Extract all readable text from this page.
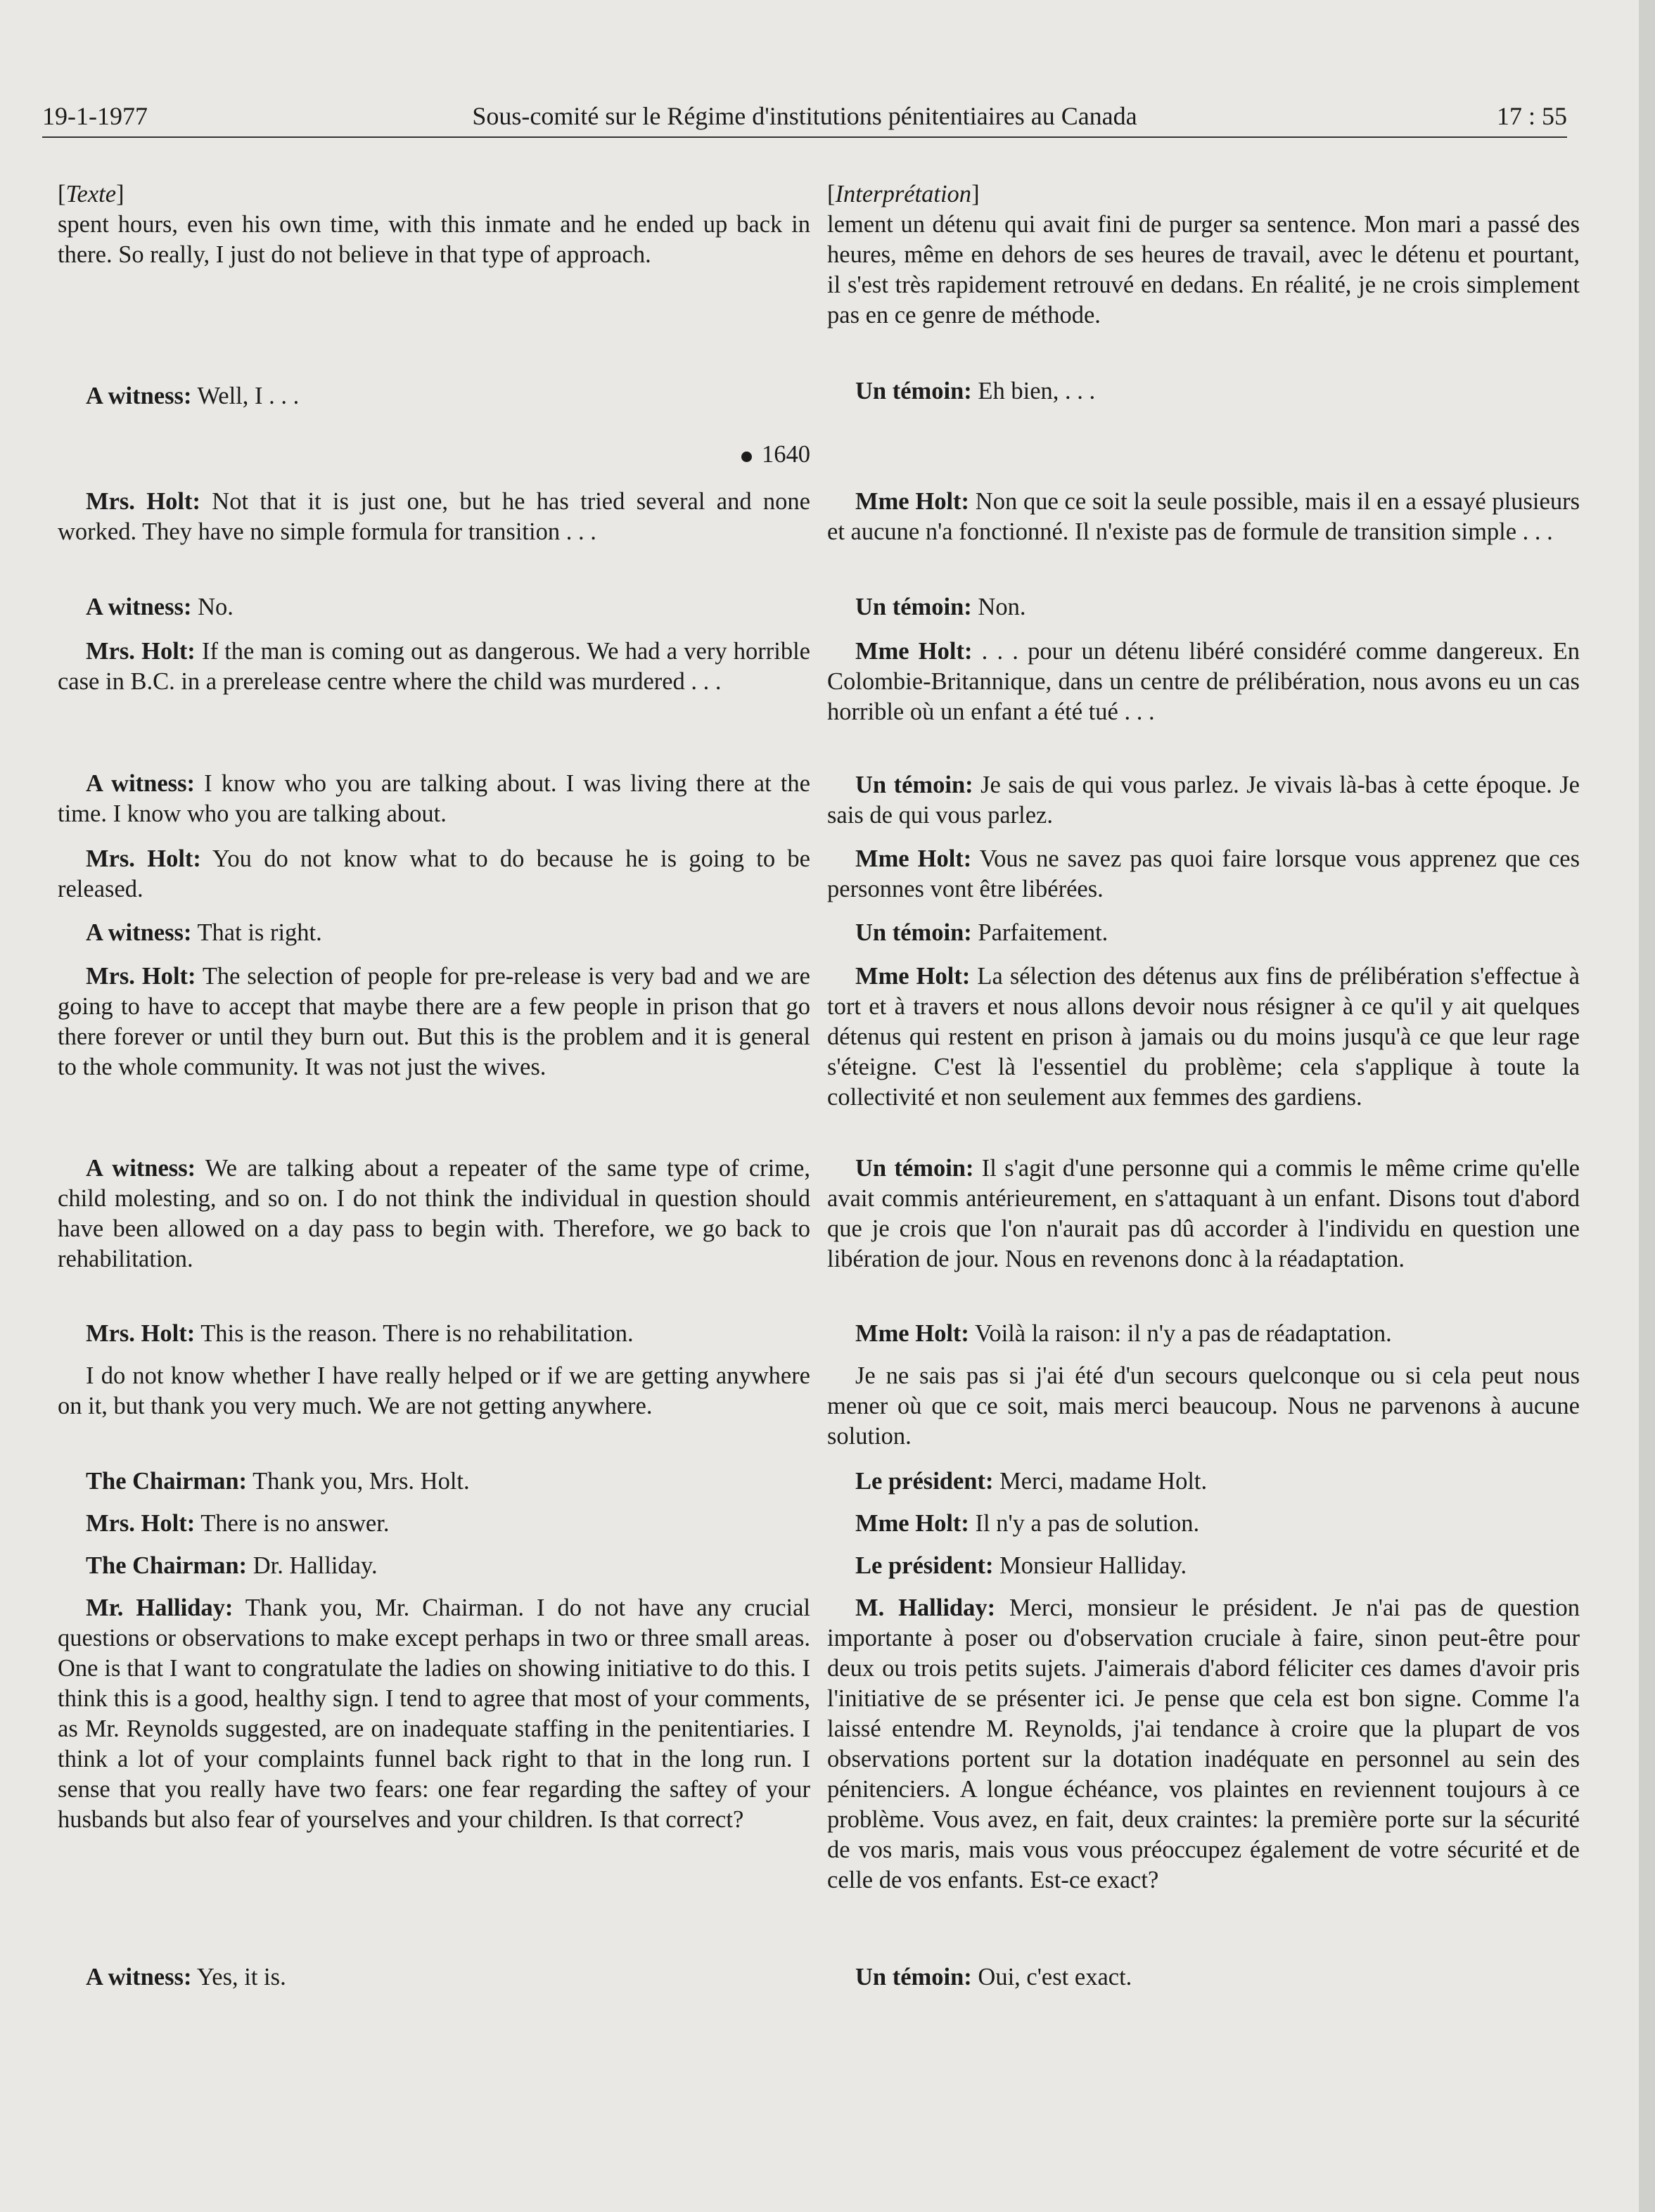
19-1-1977	Sous-comité sur le Régime d'institutions pénitentiaires au Canada	17 : 55

[Texte]

spent hours, even his own time, with this inmate and he ended up back in there. So really, I just do not believe in that type of approach.

A witness: Well, I . . .

1640

Mrs. Holt: Not that it is just one, but he has tried several and none worked. They have no simple formula for transition . . .

A witness: No.

Mrs. Holt: If the man is coming out as dangerous. We had a very horrible case in B.C. in a prerelease centre where the child was murdered . . .

A witness: I know who you are talking about. I was living there at the time. I know who you are talking about.

Mrs. Holt: You do not know what to do because he is going to be released.

A witness: That is right.

Mrs. Holt: The selection of people for pre-release is very bad and we are going to have to accept that maybe there are a few people in prison that go there forever or until they burn out. But this is the problem and it is general to the whole community. It was not just the wives.

A witness: We are talking about a repeater of the same type of crime, child molesting, and so on. I do not think the individual in question should have been allowed on a day pass to begin with. Therefore, we go back to rehabilitation.

Mrs. Holt: This is the reason. There is no rehabilitation.

I do not know whether I have really helped or if we are getting anywhere on it, but thank you very much. We are not getting anywhere.

The Chairman: Thank you, Mrs. Holt.

Mrs. Holt: There is no answer.

The Chairman: Dr. Halliday.

Mr. Halliday: Thank you, Mr. Chairman. I do not have any crucial questions or observations to make except perhaps in two or three small areas. One is that I want to congratulate the ladies on showing initiative to do this. I think this is a good, healthy sign. I tend to agree that most of your comments, as Mr. Reynolds suggested, are on inadequate staffing in the penitentiaries. I think a lot of your complaints funnel back right to that in the long run. I sense that you really have two fears: one fear regarding the saftey of your husbands but also fear of yourselves and your children. Is that correct?

A witness: Yes, it is.

[Interprétation]

lement un détenu qui avait fini de purger sa sentence. Mon mari a passé des heures, même en dehors de ses heures de travail, avec le détenu et pourtant, il s'est très rapidement retrouvé en dedans. En réalité, je ne crois simplement pas en ce genre de méthode.

Un témoin: Eh bien, . . .

Mme Holt: Non que ce soit la seule possible, mais il en a essayé plusieurs et aucune n'a fonctionné. Il n'existe pas de formule de transition simple . . .

Un témoin: Non.

Mme Holt: . . . pour un détenu libéré considéré comme dangereux. En Colombie-Britannique, dans un centre de prélibération, nous avons eu un cas horrible où un enfant a été tué . . .

Un témoin: Je sais de qui vous parlez. Je vivais là-bas à cette époque. Je sais de qui vous parlez.

Mme Holt: Vous ne savez pas quoi faire lorsque vous apprenez que ces personnes vont être libérées.

Un témoin: Parfaitement.

Mme Holt: La sélection des détenus aux fins de prélibération s'effectue à tort et à travers et nous allons devoir nous résigner à ce qu'il y ait quelques détenus qui restent en prison à jamais ou du moins jusqu'à ce que leur rage s'éteigne. C'est là l'essentiel du problème; cela s'applique à toute la collectivité et non seulement aux femmes des gardiens.

Un témoin: Il s'agit d'une personne qui a commis le même crime qu'elle avait commis antérieurement, en s'attaquant à un enfant. Disons tout d'abord que je crois que l'on n'aurait pas dû accorder à l'individu en question une libération de jour. Nous en revenons donc à la réadaptation.

Mme Holt: Voilà la raison: il n'y a pas de réadaptation.

Je ne sais pas si j'ai été d'un secours quelconque ou si cela peut nous mener où que ce soit, mais merci beaucoup. Nous ne parvenons à aucune solution.

Le président: Merci, madame Holt.

Mme Holt: Il n'y a pas de solution.

Le président: Monsieur Halliday.

M. Halliday: Merci, monsieur le président. Je n'ai pas de question importante à poser ou d'observation cruciale à faire, sinon peut-être pour deux ou trois petits sujets. J'aimerais d'abord féliciter ces dames d'avoir pris l'initiative de se présenter ici. Je pense que cela est bon signe. Comme l'a laissé entendre M. Reynolds, j'ai tendance à croire que la plupart de vos observations portent sur la dotation inadéquate en personnel au sein des pénitenciers. A longue échéance, vos plaintes en reviennent toujours à ce problème. Vous avez, en fait, deux craintes: la première porte sur la sécurité de vos maris, mais vous vous préoccupez également de votre sécurité et de celle de vos enfants. Est-ce exact?

Un témoin: Oui, c'est exact.
